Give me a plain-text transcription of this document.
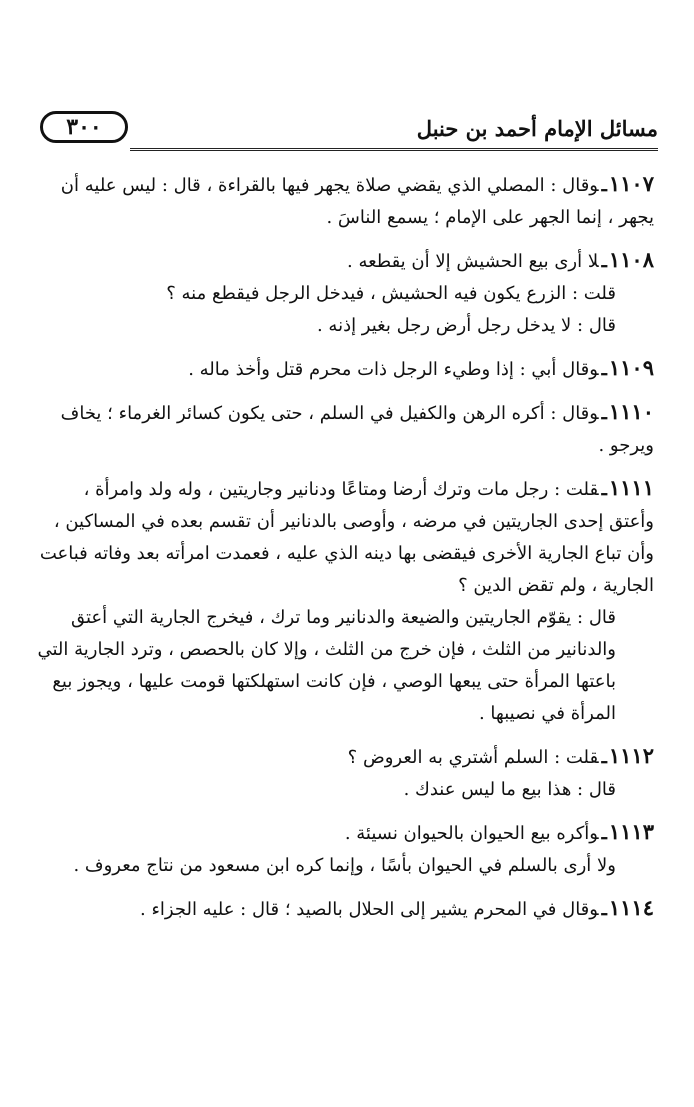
مسائل الإمام أحمد بن حنبل
٣٠٠

١١٠٧ـوقال : المصلي الذي يقضي صلاة يجهر فيها بالقراءة ، قال : ليس عليه أن يجهر ، إنما الجهر على الإمام ؛ يسمع الناسَ .

١١٠٨ـلا أرى بيع الحشيش إلا أن يقطعه .

قلت : الزرع يكون فيه الحشيش ، فيدخل الرجل فيقطع منه ؟

قال : لا يدخل رجل أرض رجل بغير إذنه .

١١٠٩ـوقال أبي : إذا وطيء الرجل ذات محرم قتل وأخذ ماله .

١١١٠ـوقال : أكره الرهن والكفيل في السلم ، حتى يكون كسائر الغرماء ؛ يخاف ويرجو .

١١١١ـقلت : رجل مات وترك أرضا ومتاعًا ودنانير وجاريتين ، وله ولد وامرأة ، وأعتق إحدى الجاريتين في مرضه ، وأوصى بالدنانير أن تقسم بعده في المساكين ، وأن تباع الجارية الأخرى فيقضى بها دينه الذي عليه ، فعمدت امرأته بعد وفاته فباعت الجارية ، ولم تقض الدين ؟

قال : يقوّم الجاريتين والضيعة والدنانير وما ترك ، فيخرج الجارية التي أعتق والدنانير من الثلث ، فإن خرج من الثلث ، وإلا كان بالحصص ، وترد الجارية التي باعتها المرأة حتى يبعها الوصي ، فإن كانت استهلكتها قومت عليها ، ويجوز بيع المرأة في نصيبها .

١١١٢ـقلت : السلم أشتري به العروض ؟

قال : هذا بيع ما ليس عندك .

١١١٣ـوأكره بيع الحيوان بالحيوان نسيئة .

ولا أرى بالسلم في الحيوان بأسًا ، وإنما كره ابن مسعود من نتاج معروف .

١١١٤ـوقال في المحرم يشير إلى الحلال بالصيد ؛ قال : عليه الجزاء .
